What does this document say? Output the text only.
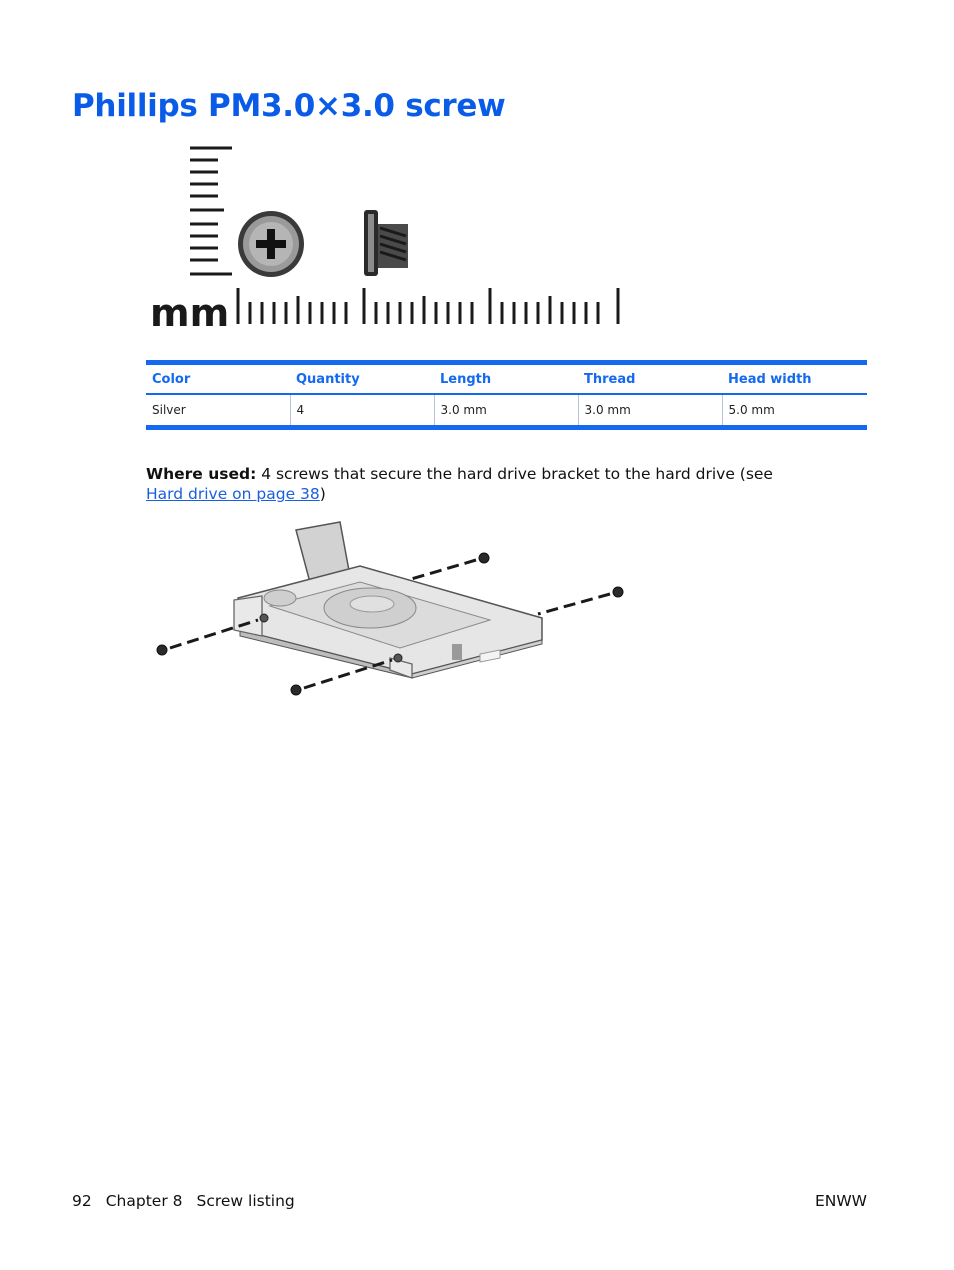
Phillips PM3.0×3.0 screw
mm
Color	Quantity	Length	Thread	Head width
Silver	4	3.0 mm	3.0 mm	5.0 mm

Where used: 4 screws that secure the hard drive bracket to the hard drive (see Hard drive on page 38)

92 Chapter 8 Screw listing	ENWW
